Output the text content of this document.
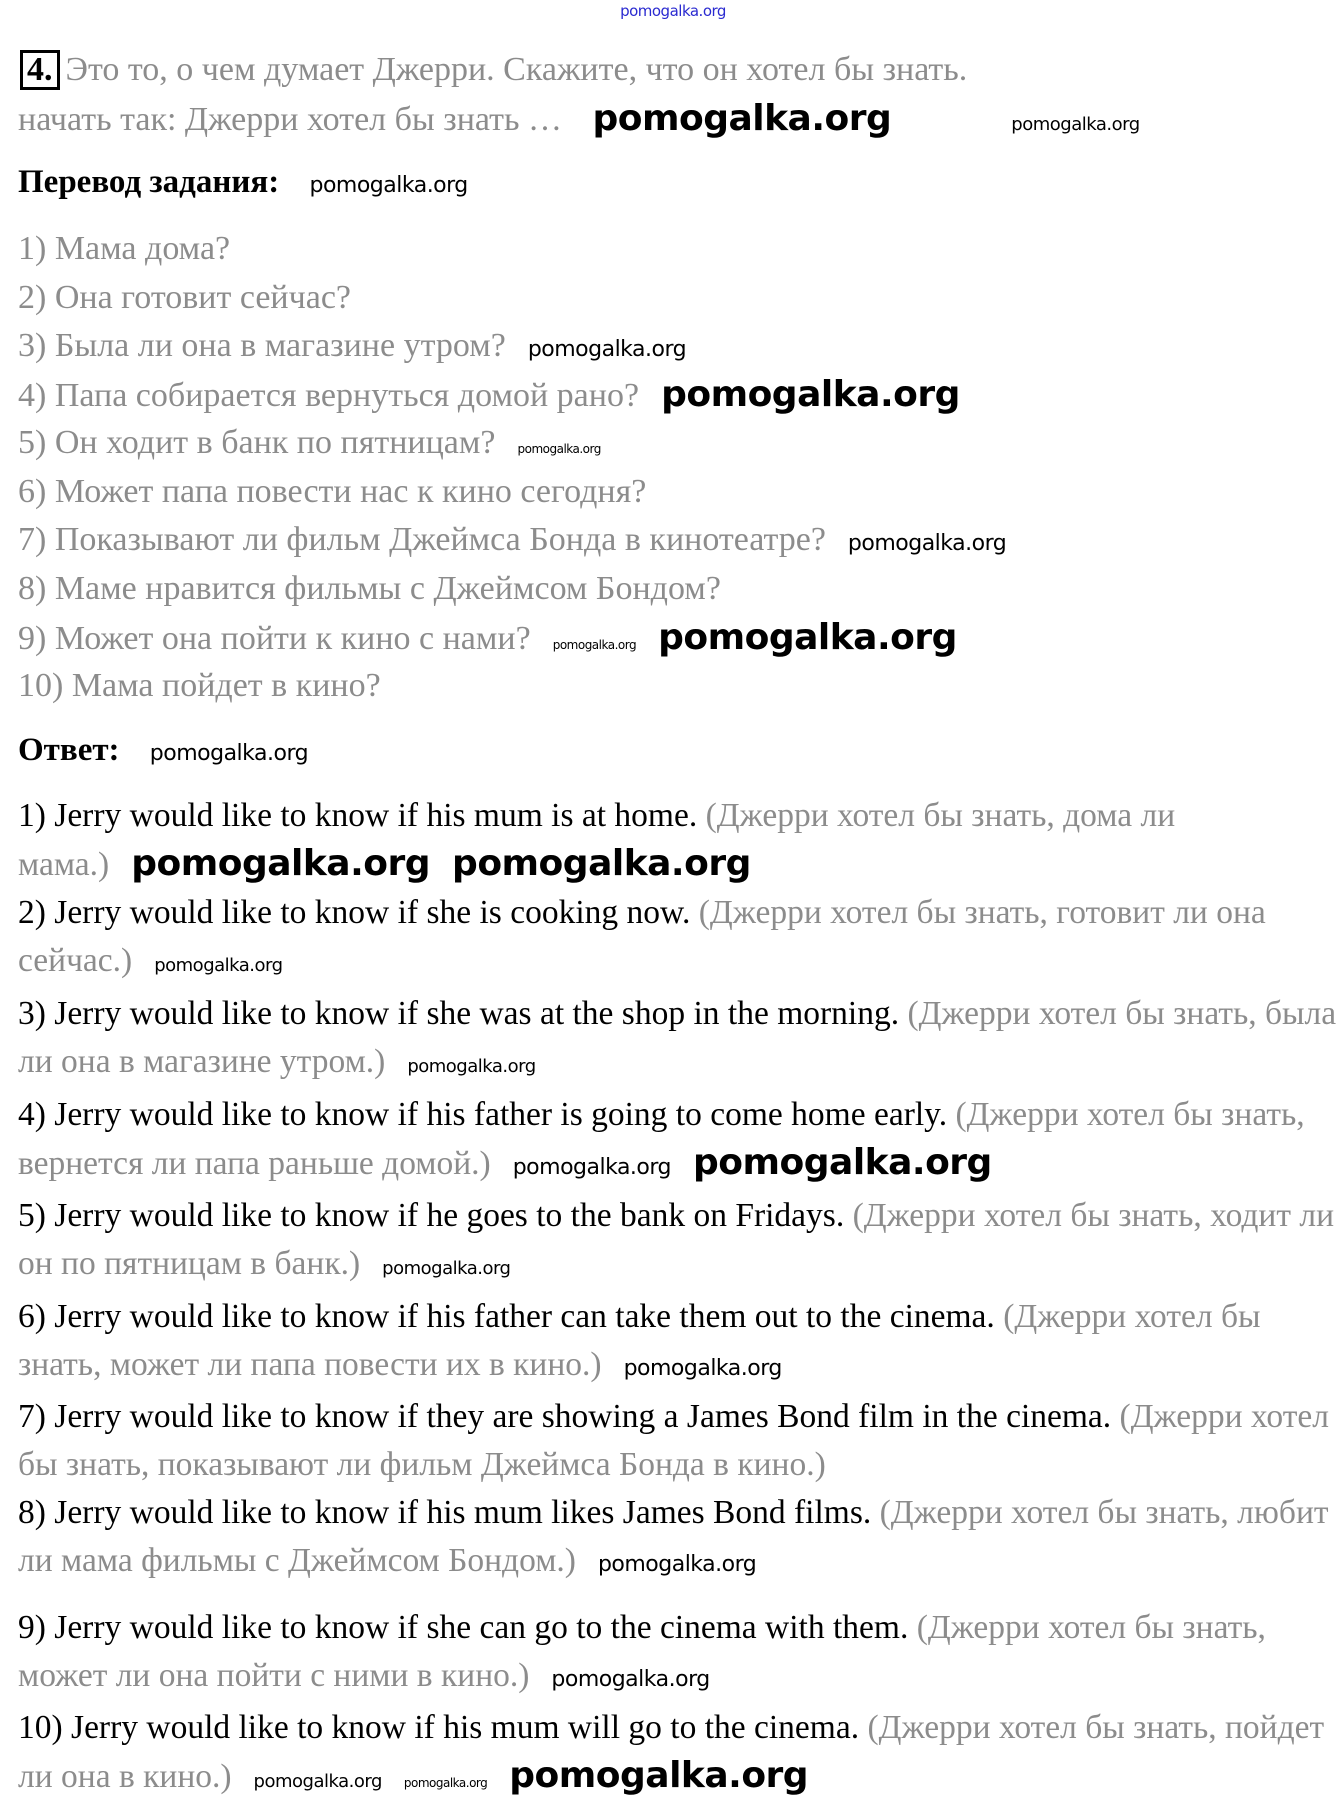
pomogalka.org
4. Это то, о чем думает Джерри. Скажите, что он хотел бы знать.
начать так: Джерри хотел бы знать … pomogalka.org	pomogalka.org
Перевод задания: pomogalka.org
1) Мама дома?
2) Она готовит сейчас?
3) Была ли она в магазине утром? pomogalka.org
4) Папа собирается вернуться домой рано? pomogalka.org
5) Он ходит в банк по пятницам? pomogalka.org
6) Может папа повести нас к кино сегодня?
7) Показывают ли фильм Джеймса Бонда в кинотеатре? pomogalka.org
8) Маме нравится фильмы с Джеймсом Бондом?
9) Может она пойти к кино с нами? pomogalka.org pomogalka.org
10) Мама пойдет в кино?
Ответ: pomogalka.org
1) Jerry would like to know if his mum is at home. (Джерри хотел бы знать, дома ли мама.) pomogalka.org pomogalka.org
2) Jerry would like to know if she is cooking now. (Джерри хотел бы знать, готовит ли она сейчас.) pomogalka.org
3) Jerry would like to know if she was at the shop in the morning. (Джерри хотел бы знать, была ли она в магазине утром.) pomogalka.org
4) Jerry would like to know if his father is going to come home early. (Джерри хотел бы знать, вернется ли папа раньше домой.) pomogalka.org pomogalka.org
5) Jerry would like to know if he goes to the bank on Fridays. (Джерри хотел бы знать, ходит ли он по пятницам в банк.) pomogalka.org
6) Jerry would like to know if his father can take them out to the cinema. (Джерри хотел бы знать, может ли папа повести их в кино.) pomogalka.org
7) Jerry would like to know if they are showing a James Bond film in the cinema. (Джерри хотел бы знать, показывают ли фильм Джеймса Бонда в кино.)
8) Jerry would like to know if his mum likes James Bond films. (Джерри хотел бы знать, любит ли мама фильмы с Джеймсом Бондом.) pomogalka.org
9) Jerry would like to know if she can go to the cinema with them. (Джерри хотел бы знать, может ли она пойти с ними в кино.) pomogalka.org
10) Jerry would like to know if his mum will go to the cinema. (Джерри хотел бы знать, пойдет ли она в кино.) pomogalka.org pomogalka.org pomogalka.org
